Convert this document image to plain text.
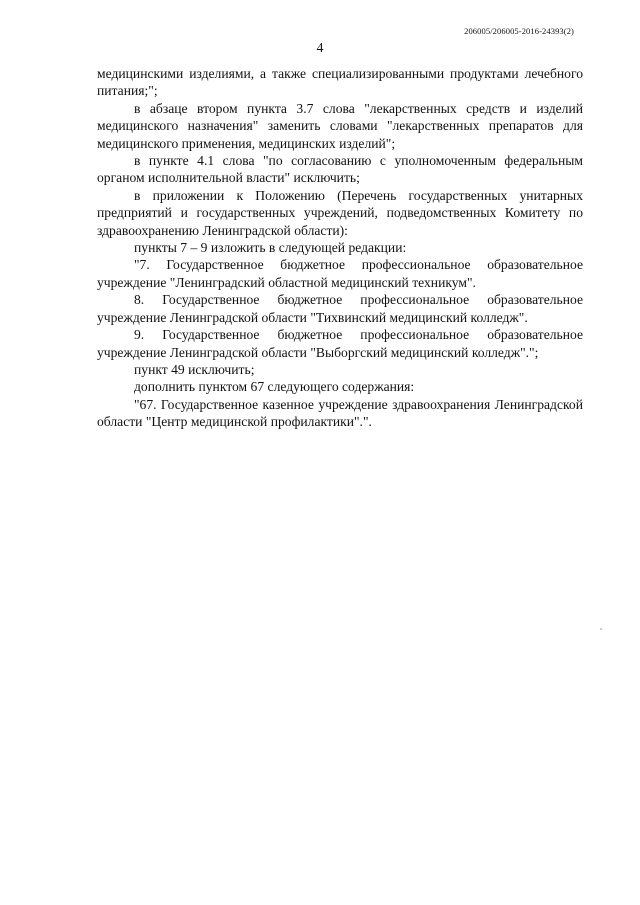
206005/206005-2016-24393(2)
4

медицинскими изделиями, а также специализированными продуктами лечебного питания;";

в абзаце втором пункта 3.7 слова "лекарственных средств и изделий медицинского назначения" заменить словами "лекарственных препаратов для медицинского применения, медицинских изделий";

в пункте 4.1 слова "по согласованию с уполномоченным федеральным органом исполнительной власти" исключить;

в приложении к Положению (Перечень государственных унитарных предприятий и государственных учреждений, подведомственных Комитету по здравоохранению Ленинградской области):

пункты 7 – 9 изложить в следующей редакции:

"7. Государственное бюджетное профессиональное образовательное учреждение "Ленинградский областной медицинский техникум".

8. Государственное бюджетное профессиональное образовательное учреждение Ленинградской области "Тихвинский медицинский колледж".

9. Государственное бюджетное профессиональное образовательное учреждение Ленинградской области "Выборгский медицинский колледж".";

пункт 49 исключить;

дополнить пунктом 67 следующего содержания:

"67. Государственное казенное учреждение здравоохранения Ленинградской области "Центр медицинской профилактики".".
